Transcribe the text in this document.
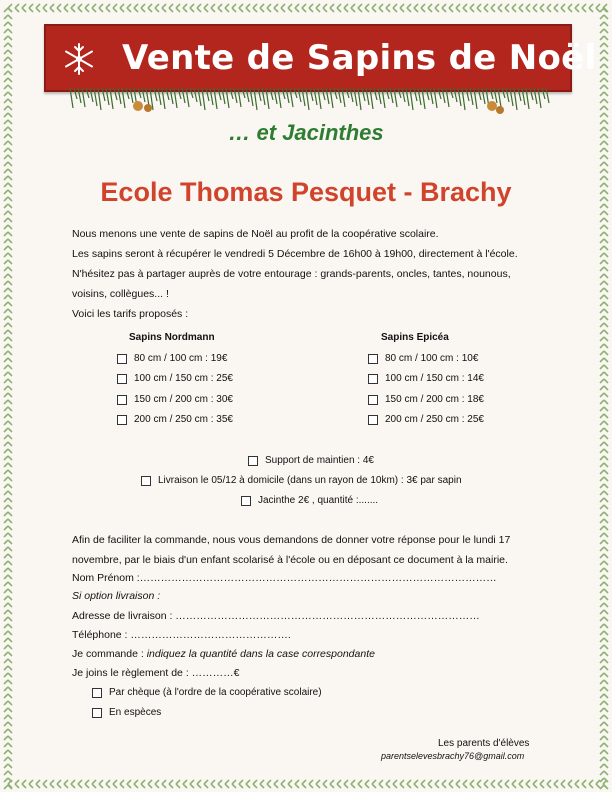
Vente de Sapins de Noël
… et Jacinthes
Ecole Thomas Pesquet - Brachy

Nous menons une vente de sapins de Noël au profit de la coopérative scolaire.

Les sapins seront à récupérer le vendredi 5 Décembre de 16h00 à 19h00, directement à l'école.

N'hésitez pas à partager auprès de votre entourage : grands-parents, oncles, tantes, nounous,

voisins, collègues... !

Voici les tarifs proposés :

Sapins Nordmann
80 cm / 100 cm : 19€
100 cm / 150 cm : 25€
150 cm / 200 cm : 30€
200 cm / 250 cm : 35€
Sapins Epicéa
80 cm / 100 cm : 10€
100 cm / 150 cm : 14€
150 cm / 200 cm : 18€
200 cm / 250 cm : 25€
Support de maintien : 4€
Livraison le 05/12 à domicile (dans un rayon de 10km) : 3€ par sapin
Jacinthe 2€ , quantité :.......

Afin de faciliter la commande, nous vous demandons de donner votre réponse pour le lundi 17

novembre, par le biais d'un enfant scolarisé à l'école ou en déposant ce document à la mairie.

Nom Prénom :…………………………………………………………………………………………
Si option livraison :
Adresse de livraison : ……………………………………………………………………………
Téléphone : ……………………………………….
Je commande : indiquez la quantité dans la case correspondante
Je joins le règlement de : …………€
Par chèque (à l'ordre de la coopérative scolaire)
En espèces
Les parents d'élèves
parentselevesbrachy76@gmail.com
